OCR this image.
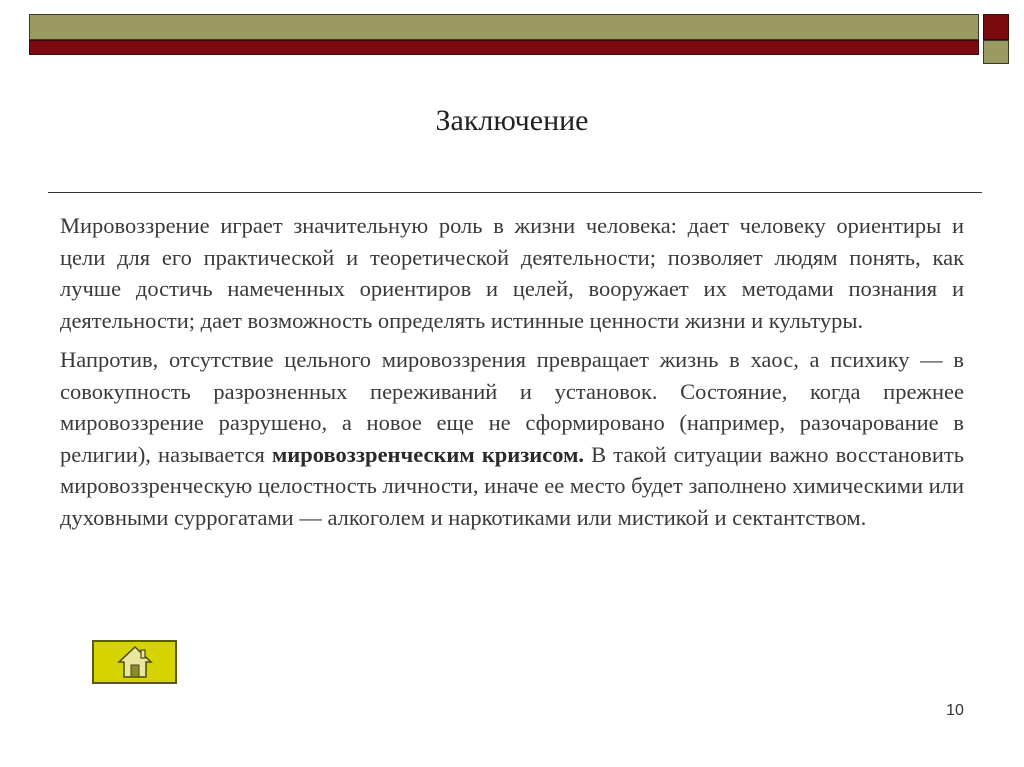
Заключение

Мировоззрение играет значительную роль в жизни человека: дает человеку ориентиры и цели для его практической и теоретической деятельности; позволяет людям понять, как лучше достичь намеченных ориентиров и целей, вооружает их методами познания и деятельности; дает возможность определять истинные ценности жизни и культуры.

Напротив, отсутствие цельного мировоззрения превращает жизнь в хаос, а психику — в совокупность разрозненных переживаний и установок. Состояние, когда прежнее мировоззрение разрушено, а новое еще не сформировано (например, разочарование в религии), называется мировоззренческим кризисом. В такой ситуации важно восстановить мировоззренческую целостность личности, иначе ее место будет заполнено химическими или духовными суррогатами — алкоголем и наркотиками или мистикой и сектантством.

10
